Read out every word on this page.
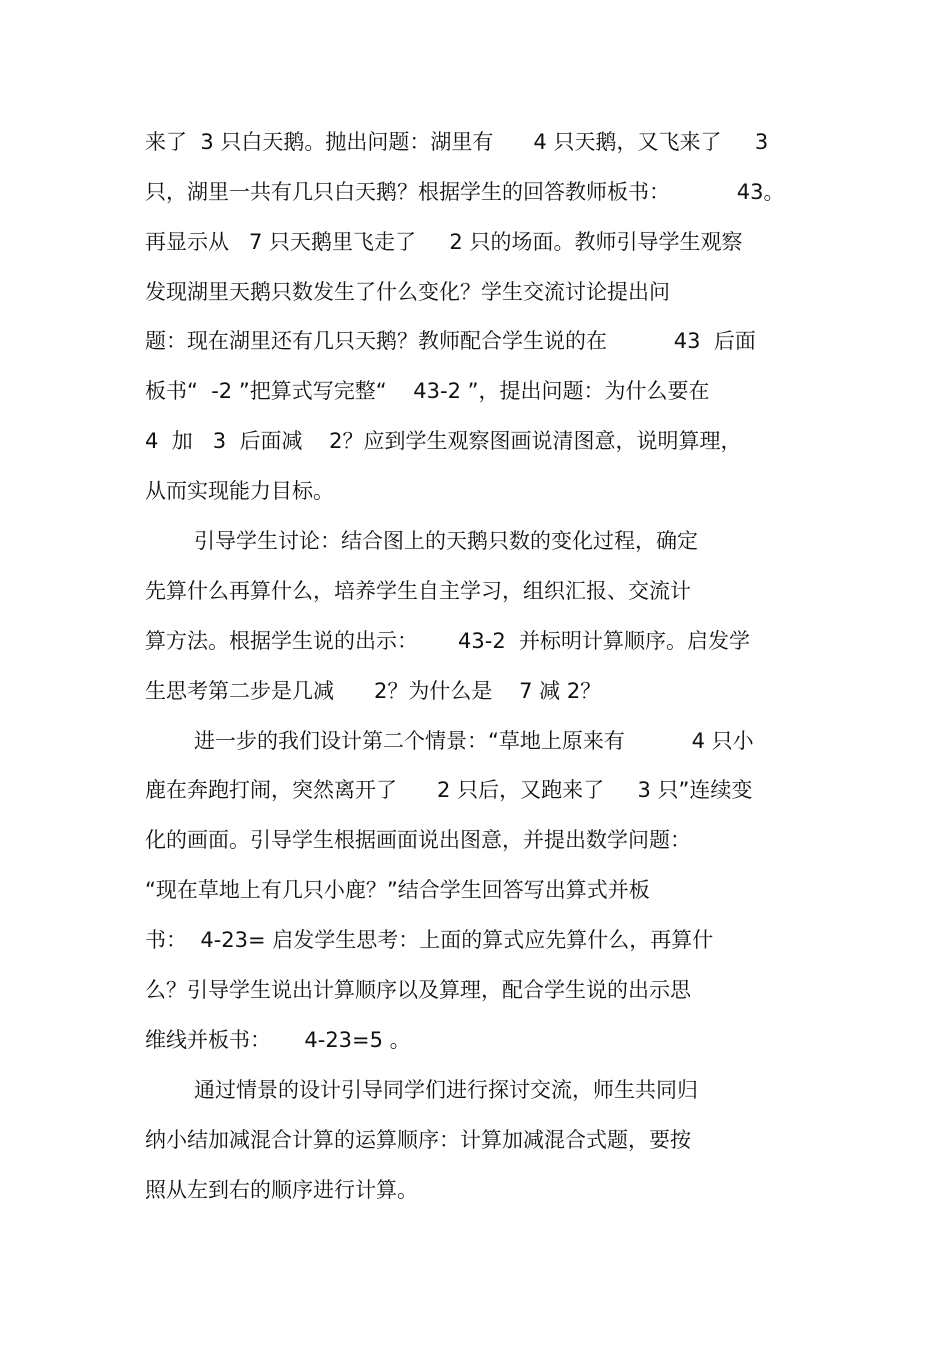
来了  3 只白天鹅。抛出问题：湖里有      4 只天鹅，又飞来了     3

只，湖里一共有几只白天鹅？根据学生的回答教师板书：          43。

再显示从   7 只天鹅里飞走了     2 只的场面。教师引导学生观察

发现湖里天鹅只数发生了什么变化？学生交流讨论提出问

题：现在湖里还有几只天鹅？教师配合学生说的在          43  后面

板书“  -2 ”把算式写完整“    43-2 ”，提出问题：为什么要在

4  加   3  后面减    2？应到学生观察图画说清图意，说明算理，

从而实现能力目标。

引导学生讨论：结合图上的天鹅只数的变化过程，确定

先算什么再算什么，培养学生自主学习，组织汇报、交流计

算方法。根据学生说的出示：      43-2  并标明计算顺序。启发学

生思考第二步是几减      2？为什么是    7 减 2？

进一步的我们设计第二个情景：“草地上原来有          4 只小

鹿在奔跑打闹，突然离开了      2 只后，又跑来了     3 只”连续变

化的画面。引导学生根据画面说出图意，并提出数学问题：

“现在草地上有几只小鹿？”结合学生回答写出算式并板

书：  4-23= 启发学生思考：上面的算式应先算什么，再算什

么？引导学生说出计算顺序以及算理，配合学生说的出示思

维线并板书：     4-23=5 。

通过情景的设计引导同学们进行探讨交流，师生共同归

纳小结加减混合计算的运算顺序：计算加减混合式题，要按

照从左到右的顺序进行计算。
